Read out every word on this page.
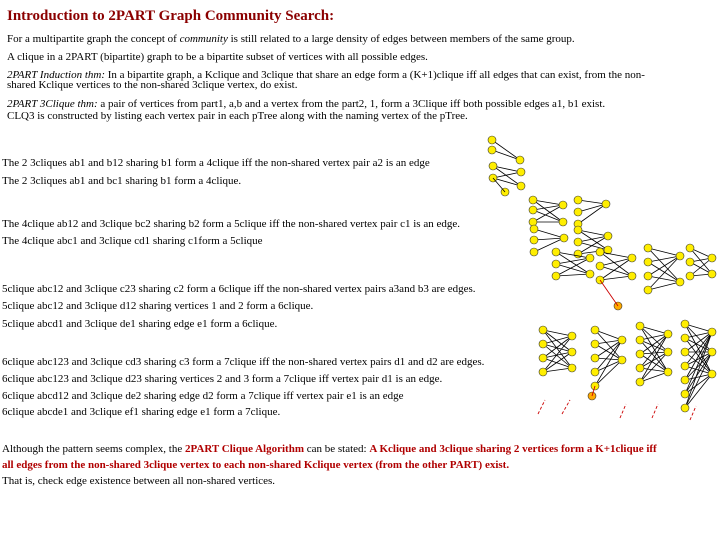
Introduction to 2PART Graph Community Search:
For a multipartite graph the concept of community is still related to a large density of edges between members of the same group.
A clique in a 2PART (bipartite) graph to be a bipartite subset of vertices with all possible edges.
2PART Induction thm: In a bipartite graph, a Kclique and 3clique that share an edge form a (K+1)clique iff all edges that can exist, from the non-
shared Kclique vertices to the non-shared 3clique vertex, do exist.
2PART 3Clique thm: a pair of vertices from part1, a,b and a vertex from the part2, 1, form a 3Clique iff both possible edges a1, b1 exist.
CLQ3 is constructed by listing each vertex pair in each pTree along with the naming vertex of the pTree.
The 2 3cliques ab1 and b12 sharing b1 form a 4clique iff the non-shared vertex pair a2 is an edge
The 2 3cliques ab1 and bc1 sharing b1 form a 4clique.
The 4clique ab12 and 3clique bc2 sharing b2 form a 5clique iff the non-shared vertex pair c1 is an edge.
The 4clique abc1 and 3clique cd1 sharing c1form a 5clique
5clique abc12 and 3clique c23 sharing c2 form a 6clique iff the non-shared vertex pairs a3and b3 are edges.
5clique abc12 and 3clique d12 sharing vertices 1 and 2 form a 6clique.
5clique abcd1 and 3clique de1 sharing edge e1 form a 6clique.
6clique abc123 and 3clique cd3 sharing c3 form a 7clique iff the non-shared vertex pairs d1 and d2 are edges.
6clique abc123 and 3clique d23 sharing vertices 2 and 3 form a 7clique iff vertex pair d1 is an edge.
6clique abcd12 and 3clique de2 sharing edge d2 form a 7clique iff vertex pair e1 is an edge
6clique abcde1 and 3clique ef1 sharing edge e1 form a 7clique.
Although the pattern seems complex, the 2PART Clique Algorithm can be stated: A Kclique and 3clique sharing 2 vertices form a K+1clique iff
all edges from the non-shared 3clique vertex to each non-shared Kclique vertex (from the other PART) exist.
That is, check edge existence between all non-shared vertices.
